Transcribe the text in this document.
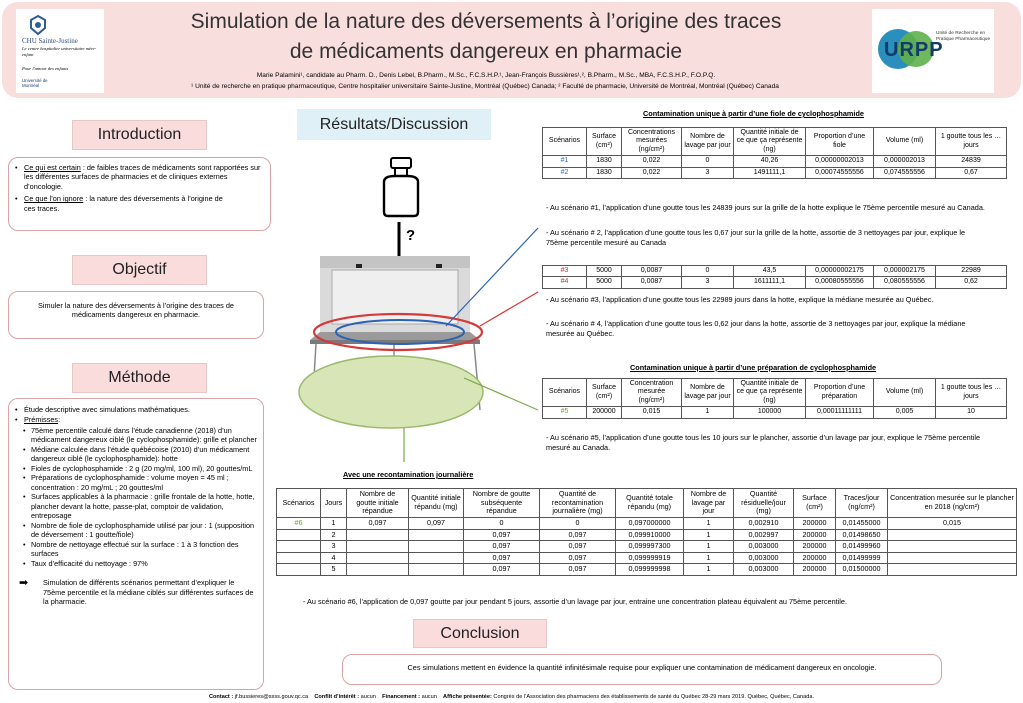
CHU Sainte-Justine
Le centre hospitalier universitaire mère-enfant
Pour l'amour des enfants
Université de Montréal
Simulation de la nature des déversements à l’origine des traces
de médicaments dangereux en pharmacie
Marie Palamini¹, candidate au Pharm. D., Denis Lebel, B.Pharm., M.Sc., F.C.S.H.P.¹, Jean-François Bussières¹,², B.Pharm., M.Sc., MBA, F.C.S.H.P., F.O.P.Q.
¹ Unité de recherche en pratique pharmaceutique, Centre hospitalier universitaire Sainte-Justine, Montréal (Québec) Canada; ² Faculté de pharmacie, Université de Montréal, Montréal (Québec) Canada
URPP
Unité de Recherche en Pratique Pharmaceutique
Introduction
• Ce qui est certain : de faibles traces de médicaments sont rapportées sur les différentes surfaces de pharmacies et de cliniques externes d’oncologie.
• Ce que l’on ignore : la nature des déversements à l’origine de ces traces.
Objectif
Simuler la nature des déversements à l’origine des traces de médicaments dangereux en pharmacie.
Méthode
• Étude descriptive avec simulations mathématiques.
• Prémisses:
• 75ème percentile calculé dans l’étude canadienne (2018) d’un médicament dangereux ciblé (le cyclophosphamide): grille et plancher
• Médiane calculée dans l’étude québécoise (2010) d’un médicament dangereux ciblé (le cyclophosphamide): hotte
• Fioles de cyclophosphamide : 2 g (20 mg/ml, 100 ml), 20 gouttes/mL
• Préparations de cyclophosphamide : volume moyen = 45 ml ; concentration : 20 mg/mL ; 20 gouttes/ml
• Surfaces applicables à la pharmacie : grille frontale de la hotte, hotte, plancher devant la hotte, passe-plat, comptoir de validation, entreposage
• Nombre de fiole de cyclophosphamide utilisé par jour : 1 (supposition de déversement : 1 goutte/fiole)
• Nombre de nettoyage effectué sur la surface : 1 à 3 fonction des surfaces
• Taux d’efficacité du nettoyage : 97%
➡ Simulation de différents scénarios permettant d’expliquer le 75ème percentile et la médiane ciblés sur différentes surfaces de la pharmacie.
Résultats/Discussion
?
Contamination unique à partir d’une fiole de cyclophosphamide
Scénarios	Surface (cm²)	Concentrations mesurées (ng/cm²)	Nombre de lavage par jour	Quantité initiale de ce que ça représente (ng)	Proportion d’une fiole	Volume (ml)	1 goutte tous les … jours
#1	1830	0,022	0	40,26	0,00000002013	0,000002013	24839
#2	1830	0,022	3	1491111,1	0,00074555556	0,074555556	0,67
- Au scénario #1, l’application d’une goutte tous les 24839 jours sur la grille de la hotte explique le 75ème percentile mesuré au Canada.
- Au scénario # 2, l’application d’une goutte tous les 0,67 jour sur la grille de la hotte, assortie de 3 nettoyages par jour, explique le 75ème percentile mesuré au Canada
#3	5000	0,0087	0	43,5	0,00000002175	0,000002175	22989
#4	5000	0,0087	3	1611111,1	0,00080555556	0,080555556	0,62
- Au scénario #3, l’application d’une goutte tous les 22989 jours dans la hotte, explique la médiane mesurée au Québec.
- Au scénario # 4, l’application d’une goutte tous les 0,62 jour dans la hotte, assortie de 3 nettoyages par jour, explique la médiane mesurée au Québec.
Contamination unique à partir d’une préparation de cyclophosphamide
Scénarios	Surface (cm²)	Concentration mesurée (ng/cm²)	Nombre de lavage par jour	Quantité initiale de ce que ça représente (ng)	Proportion d’une préparation	Volume (ml)	1 goutte tous les … jours
#5	200000	0,015	1	100000	0,00011111111	0,005	10
- Au scénario #5, l’application d’une goutte tous les 10 jours sur le plancher, assortie d’un lavage par jour, explique le 75ème percentile mesuré au Canada.
Avec une recontamination journalière
Scénarios	Jours	Nombre de goutte initiale répandue	Quantité initiale répandu (mg)	Nombre de goutte subséquente répandue	Quantité de recontamination journalière (mg)	Quantité totale répandu (mg)	Nombre de lavage par jour	Quantité résiduelle/jour (mg)	Surface (cm²)	Traces/jour (ng/cm²)	Concentration mesurée sur le plancher en 2018 (ng/cm²)
#6	1	0,097	0,097	0	0	0,097000000	1	0,002910	200000	0,01455000	0,015
	2			0,097	0,097	0,099910000	1	0,002997	200000	0,01498650	
	3			0,097	0,097	0,099997300	1	0,003000	200000	0,01499960	
	4			0,097	0,097	0,099999919	1	0,003000	200000	0,01499999	
	5			0,097	0,097	0,099999998	1	0,003000	200000	0,01500000	
- Au scénario #6, l’application de 0,097 goutte par jour pendant 5 jours, assortie d’un lavage par jour, entraine une concentration plateau équivalent au 75ème percentile.
Conclusion
Ces simulations mettent en évidence la quantité infinitésimale requise pour expliquer une contamination de médicament dangereux en oncologie.
Contact : jf.bussieres@ssss.gouv.qc.ca Conflit d’intérêt : aucun Financement : aucun Affiche présentée: Congrès de l’Association des pharmaciens des établissements de santé du Québec 28-29 mars 2019. Québec, Québec, Canada.
